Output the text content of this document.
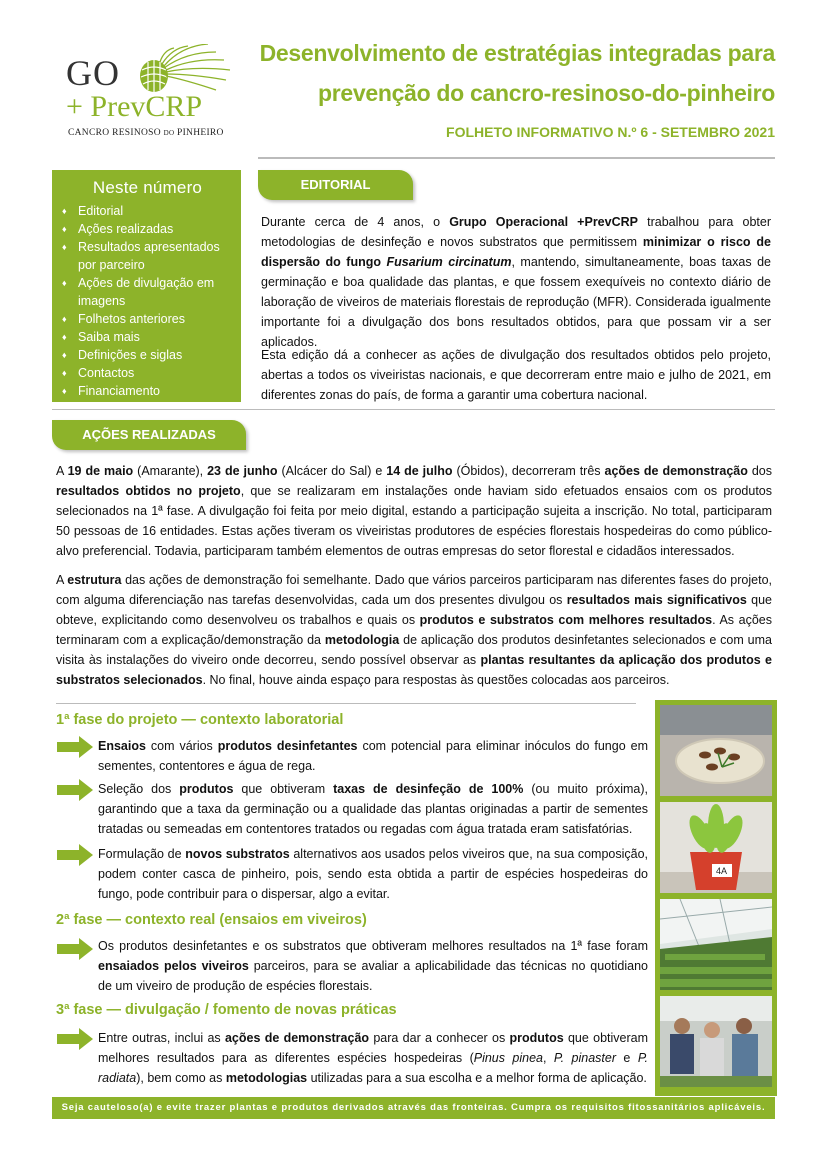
GO
+ PrevCRP
CANCRO RESINOSO DO PINHEIRO
Desenvolvimento de estratégias integradas para
prevenção do cancro-resinoso-do-pinheiro
FOLHETO INFORMATIVO N.º 6 - SETEMBRO 2021
Neste número
♦ Editorial
♦ Ações realizadas
♦ Resultados apresentados por parceiro
♦ Ações de divulgação em imagens
♦ Folhetos anteriores
♦ Saiba mais
♦ Definições e siglas
♦ Contactos
♦ Financiamento
EDITORIAL
Durante cerca de 4 anos, o Grupo Operacional +PrevCRP trabalhou para obter metodologias de desinfeção e novos substratos que permitissem minimizar o risco de dispersão do fungo Fusarium circinatum, mantendo, simultaneamente, boas taxas de germinação e boa qualidade das plantas, e que fossem exequíveis no contexto diário de laboração de viveiros de materiais florestais de reprodução (MFR). Considerada igualmente importante foi a divulgação dos bons resultados obtidos, para que possam vir a ser aplicados.
Esta edição dá a conhecer as ações de divulgação dos resultados obtidos pelo projeto, abertas a todos os viveiristas nacionais, e que decorreram entre maio e julho de 2021, em diferentes zonas do país, de forma a garantir uma cobertura nacional.
AÇÕES REALIZADAS
A 19 de maio (Amarante), 23 de junho (Alcácer do Sal) e 14 de julho (Óbidos), decorreram três ações de demonstração dos resultados obtidos no projeto, que se realizaram em instalações onde haviam sido efetuados ensaios com os produtos selecionados na 1ª fase. A divulgação foi feita por meio digital, estando a participação sujeita a inscrição. No total, participaram 50 pessoas de 16 entidades. Estas ações tiveram os viveiristas produtores de espécies florestais hospedeiras do como público-alvo preferencial. Todavia, participaram também elementos de outras empresas do setor florestal e cidadãos interessados.
A estrutura das ações de demonstração foi semelhante. Dado que vários parceiros participaram nas diferentes fases do projeto, com alguma diferenciação nas tarefas desenvolvidas, cada um dos presentes divulgou os resultados mais significativos que obteve, explicitando como desenvolveu os trabalhos e quais os produtos e substratos com melhores resultados. As ações terminaram com a explicação/demonstração da metodologia de aplicação dos produtos desinfetantes selecionados e com uma visita às instalações do viveiro onde decorreu, sendo possível observar as plantas resultantes da aplicação dos produtos e substratos selecionados. No final, houve ainda espaço para respostas às questões colocadas aos parceiros.
1ª fase do projeto — contexto laboratorial
Ensaios com vários produtos desinfetantes com potencial para eliminar inóculos do fungo em sementes, contentores e água de rega.
Seleção dos produtos que obtiveram taxas de desinfeção de 100% (ou muito próxima), garantindo que a taxa da germinação ou a qualidade das plantas originadas a partir de sementes tratadas ou semeadas em contentores tratados ou regadas com água tratada eram satisfatórias.
Formulação de novos substratos alternativos aos usados pelos viveiros que, na sua composição, podem conter casca de pinheiro, pois, sendo esta obtida a partir de espécies hospedeiras do fungo, pode contribuir para o dispersar, algo a evitar.
2ª fase — contexto real (ensaios em viveiros)
Os produtos desinfetantes e os substratos que obtiveram melhores resultados na 1ª fase foram ensaiados pelos viveiros parceiros, para se avaliar a aplicabilidade das técnicas no quotidiano de um viveiro de produção de espécies florestais.
3ª fase — divulgação / fomento de novas práticas
Entre outras, inclui as ações de demonstração para dar a conhecer os produtos que obtiveram melhores resultados para as diferentes espécies hospedeiras (Pinus pinea, P. pinaster e P. radiata), bem como as metodologias utilizadas para a sua escolha e a melhor forma de aplicação.
4A
Seja cauteloso(a) e evite trazer plantas e produtos derivados através das fronteiras. Cumpra os requisitos fitossanitários aplicáveis.
